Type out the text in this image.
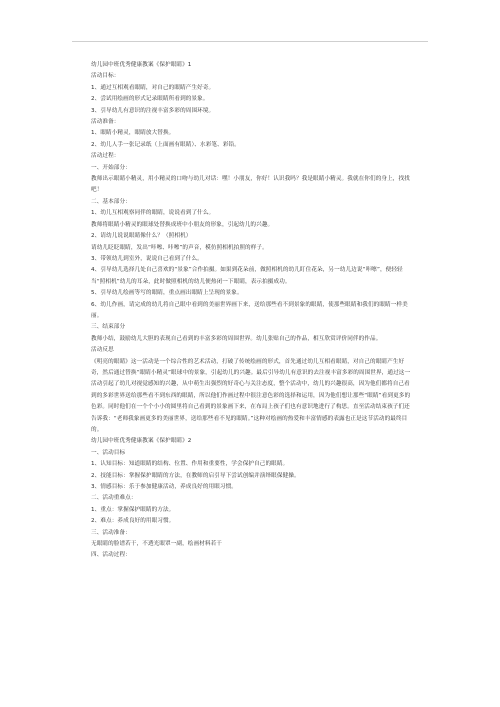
幼儿园中班优秀健康教案《保护眼睛》1

活动目标：

1、通过互相观看眼睛，对自己的眼睛产生好奇。

2、尝试用绘画的形式记录眼睛所看到的景象。

3、引导幼儿有意识的注视丰富多彩的周围环境。

活动准备：

1、眼睛小精灵，眼睛放大替换。

2、幼儿人手一张记录纸（上面画有眼睛）、水彩笔、彩铅。

活动过程：

一、开始部分：

教师出示眼睛小精灵，用小精灵的口吻与幼儿对话：嘿！小朋友，你好！认识我吗？我是眼睛小精灵。我就在你们的身上，找找吧！

二、基本部分：

1、幼儿互相观察同伴的眼睛，说说看到了什么。

教师将眼睛小精灵的眼球处替换成班中小朋友的形象，引起幼儿的兴趣。

2、请幼儿说说眼睛像什么？（照相机）

请幼儿眨眨眼睛，发出“咔嚓、咔嚓”的声音，模仿照相机拍照的样子。

3、带领幼儿到室外，说说自己看到了什么。

4、引导幼儿选择几处自己喜欢的“景象”合作拍摄。如果到花朵前，做照相机的幼儿盯住花朵，另一幼儿边说“咔嚓”，便轻轻当“照相机”幼儿的耳朵，此时做照相机的幼儿便热闭一下眼睛，表示拍摄成功。

5、引导幼儿绘画等写的眼睛，重点画出眼睛上呈现的景象。

6、幼儿作画，请完成的幼儿将自己眼中看到的美丽世界画下来，送给那些看不到景象的眼睛，使那些眼睛和我们的眼睛一样美丽。

三、结束部分

教师小结，鼓励幼儿大胆的表现自己看到的丰富多彩的周围世界。幼儿张贴自己的作品，相互欣赏评价同伴的作品。

活动反思

《明亮的眼睛》这一活动是一个综合性的艺术活动，打破了传统绘画的形式，首先通过幼儿互相看眼睛，对自己的眼睛产生好奇，然后通过替换“眼睛小精灵”眼球中的景象，引起幼儿的兴趣。最后引导幼儿有意识的去注视丰富多彩的周围世界，通过这一活动引起了幼儿对视觉感知的兴趣，从中萌生出强烈的好奇心与关注态度，整个活动中，幼儿的兴趣很高，因为他们都将自己看到的多彩世界送给那些看不到东西的眼睛，所以他们作画过程中很注意色彩的选择和运用，因为他们想让那些“眼睛”看到更多的色彩。同时他们在一个个小小的圆里将自己看到的景象画下来，在布局上孩子们也有意识地进行了构思。直至活动结束孩子们还告诉我：“老师我象画更多的美丽世界，送给那些看不见的眼睛。”这种对绘画的热爱和丰富情感的表露也正是这节活动的最终目的。

幼儿园中班优秀健康教案《保护眼睛》2

一、活动目标

1、认知目标：知道眼睛的结构、位置、作用和重要性，学会保护自己的眼睛。

2、技能目标：掌握保护眼睛的方法，在教师的启引导下尝试创编并演绎眼保健操。

3、情感目标：乐于参加健康活动，养成良好的用眼习惯。

二、活动重难点：

1、重点：掌握保护眼睛的方法。

2、难点：养成良好的用眼习惯。

三、活动准备：

无眼睛的脸谱若干，不透光眼罩一副，绘画材料若干

四、活动过程：
